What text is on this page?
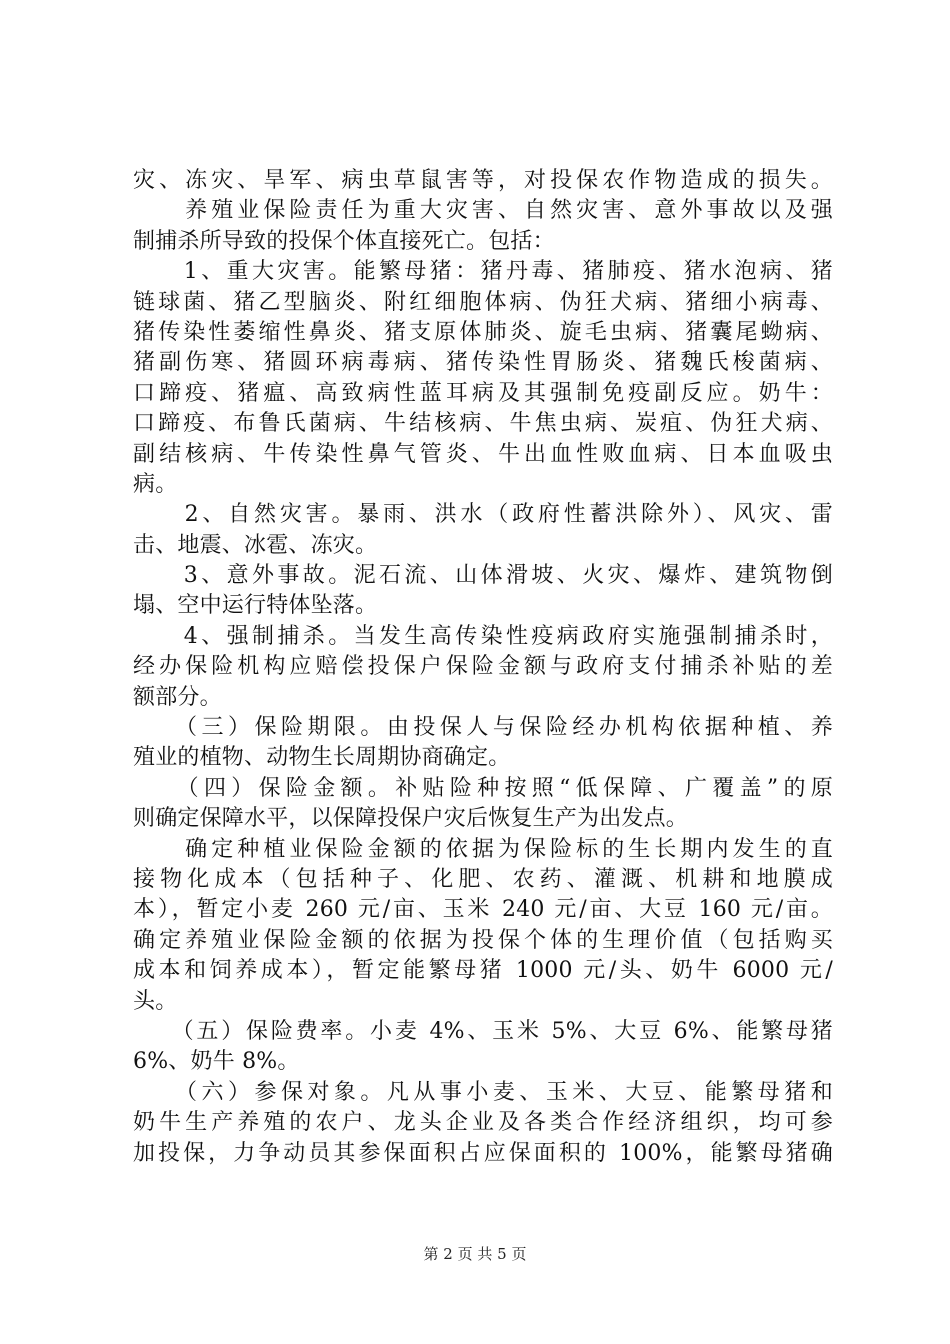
灾、冻灾、旱军、病虫草鼠害等，对投保农作物造成的损失。
　　养殖业保险责任为重大灾害、自然灾害、意外事故以及强
制捕杀所导致的投保个体直接死亡。包括：
　　1、重大灾害。能繁母猪：猪丹毒、猪肺疫、猪水泡病、猪
链球菌、猪乙型脑炎、附红细胞体病、伪狂犬病、猪细小病毒、
猪传染性萎缩性鼻炎、猪支原体肺炎、旋毛虫病、猪囊尾蚴病、
猪副伤寒、猪圆环病毒病、猪传染性胃肠炎、猪魏氏梭菌病、
口蹄疫、猪瘟、高致病性蓝耳病及其强制免疫副反应。奶牛：
口蹄疫、布鲁氏菌病、牛结核病、牛焦虫病、炭疽、伪狂犬病、
副结核病、牛传染性鼻气管炎、牛出血性败血病、日本血吸虫
病。
　　2、自然灾害。暴雨、洪水（政府性蓄洪除外）、风灾、雷
击、地震、冰雹、冻灾。
　　3、意外事故。泥石流、山体滑坡、火灾、爆炸、建筑物倒
塌、空中运行特体坠落。
　　4、强制捕杀。当发生高传染性疫病政府实施强制捕杀时，
经办保险机构应赔偿投保户保险金额与政府支付捕杀补贴的差
额部分。
　　（三）保险期限。由投保人与保险经办机构依据种植、养
殖业的植物、动物生长周期协商确定。
　　（四）保险金额。补贴险种按照“低保障、广覆盖”的原
则确定保障水平，以保障投保户灾后恢复生产为出发点。
　　确定种植业保险金额的依据为保险标的生长期内发生的直
接物化成本（包括种子、化肥、农药、灌溉、机耕和地膜成
本），暂定小麦 260 元/亩、玉米 240 元/亩、大豆 160 元/亩。
确定养殖业保险金额的依据为投保个体的生理价值（包括购买
成本和饲养成本），暂定能繁母猪 1000 元/头、奶牛 6000 元/
头。
　　（五）保险费率。小麦 4%、玉米 5%、大豆 6%、能繁母猪
6%、奶牛 8%。
　　（六）参保对象。凡从事小麦、玉米、大豆、能繁母猪和
奶牛生产养殖的农户、龙头企业及各类合作经济组织，均可参
加投保，力争动员其参保面积占应保面积的 100%，能繁母猪确
第 2 页 共 5 页
